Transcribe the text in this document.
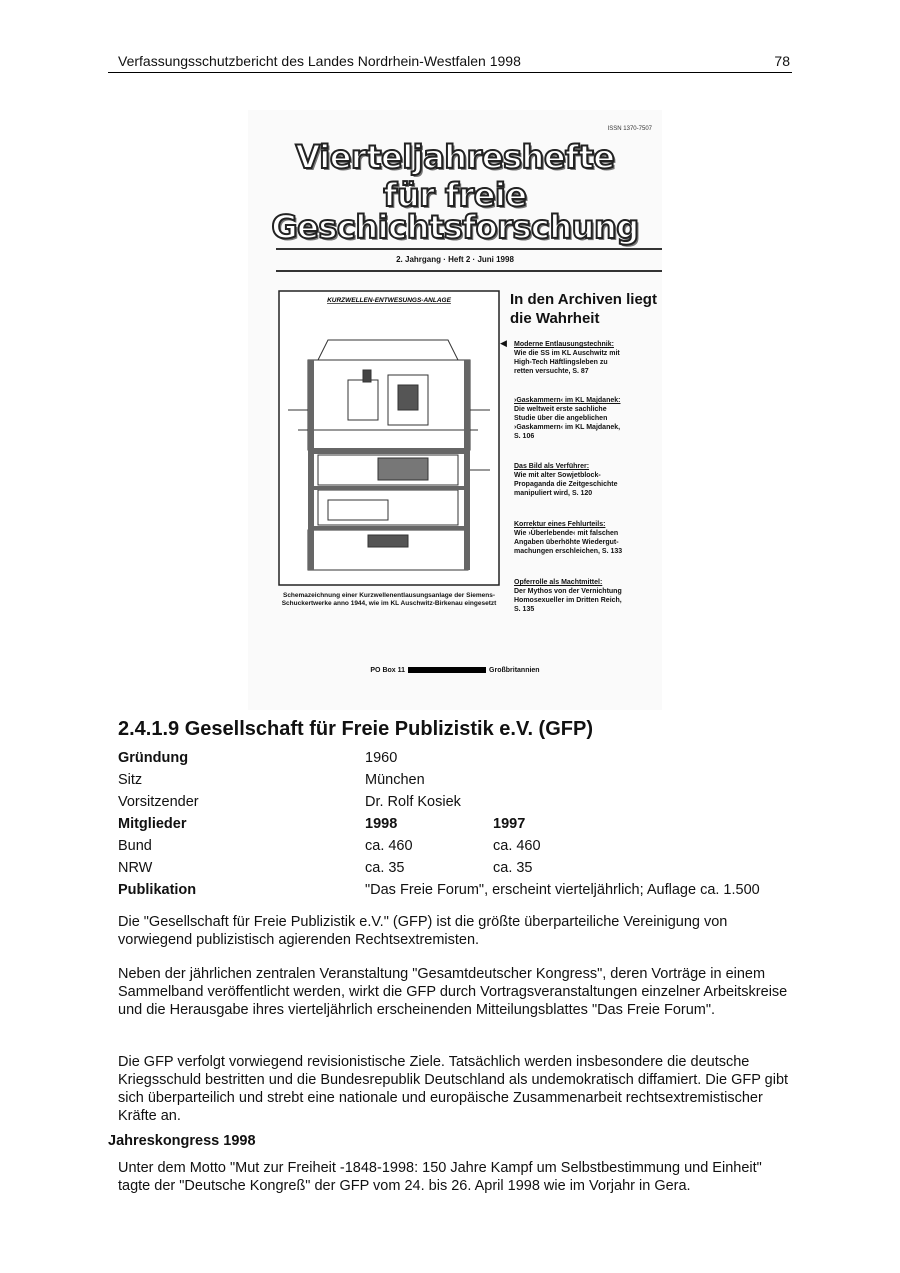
Verfassungsschutzbericht des Landes Nordrhein-Westfalen 1998	78
ISSN 1370-7507
Vierteljahreshefte
für freie
Geschichtsforschung
2. Jahrgang · Heft 2 · Juni 1998
KURZWELLEN-ENTWESUNGS-ANLAGE
Schemazeichnung einer Kurzwellenentlausungsanlage der Siemens-Schuckertwerke anno 1944, wie im KL Auschwitz-Birkenau eingesetzt
In den Archiven liegt die Wahrheit
◀ Moderne Entlausungstechnik:
Wie die SS im KL Auschwitz mit
High-Tech Häftlingsleben zu
retten versuchte, S. 87
›Gaskammern‹ im KL Majdanek:
Die weltweit erste sachliche
Studie über die angeblichen
›Gaskammern‹ im KL Majdanek,
S. 106
Das Bild als Verführer:
Wie mit alter Sowjetblock-
Propaganda die Zeitgeschichte
manipuliert wird, S. 120
Korrektur eines Fehlurteils:
Wie ›Überlebende‹ mit falschen
Angaben überhöhte Wiedergut-
machungen erschleichen, S. 133
Opferrolle als Machtmittel:
Der Mythos von der Vernichtung
Homosexueller im Dritten Reich,
S. 135
PO Box 11	Großbritannien
2.4.1.9 Gesellschaft für Freie Publizistik e.V. (GFP)
Gründung	1960
Sitz	München
Vorsitzender	Dr. Rolf Kosiek
Mitglieder	1998	1997
Bund	ca. 460	ca. 460
NRW	ca. 35	ca. 35
Publikation	"Das Freie Forum", erscheint vierteljährlich; Auflage ca. 1.500

Die "Gesellschaft für Freie Publizistik e.V." (GFP) ist die größte überparteiliche Vereinigung von vorwiegend publizistisch agierenden Rechtsextremisten.

Neben der jährlichen zentralen Veranstaltung "Gesamtdeutscher Kongress", deren Vorträge in einem Sammelband veröffentlicht werden, wirkt die GFP durch Vortragsveranstaltungen einzelner Arbeitskreise und die Herausgabe ihres vierteljährlich erscheinenden Mitteilungsblattes "Das Freie Forum".

Die GFP verfolgt vorwiegend revisionistische Ziele. Tatsächlich werden insbesondere die deutsche Kriegsschuld bestritten und die Bundesrepublik Deutschland als undemokratisch diffamiert. Die GFP gibt sich überparteilich und strebt eine nationale und europäische Zusammenarbeit rechtsextremistischer Kräfte an.

Jahreskongress 1998

Unter dem Motto "Mut zur Freiheit -1848-1998: 150 Jahre Kampf um Selbstbestimmung und Einheit" tagte der "Deutsche Kongreß" der GFP vom 24. bis 26. April 1998 wie im Vorjahr in Gera.
